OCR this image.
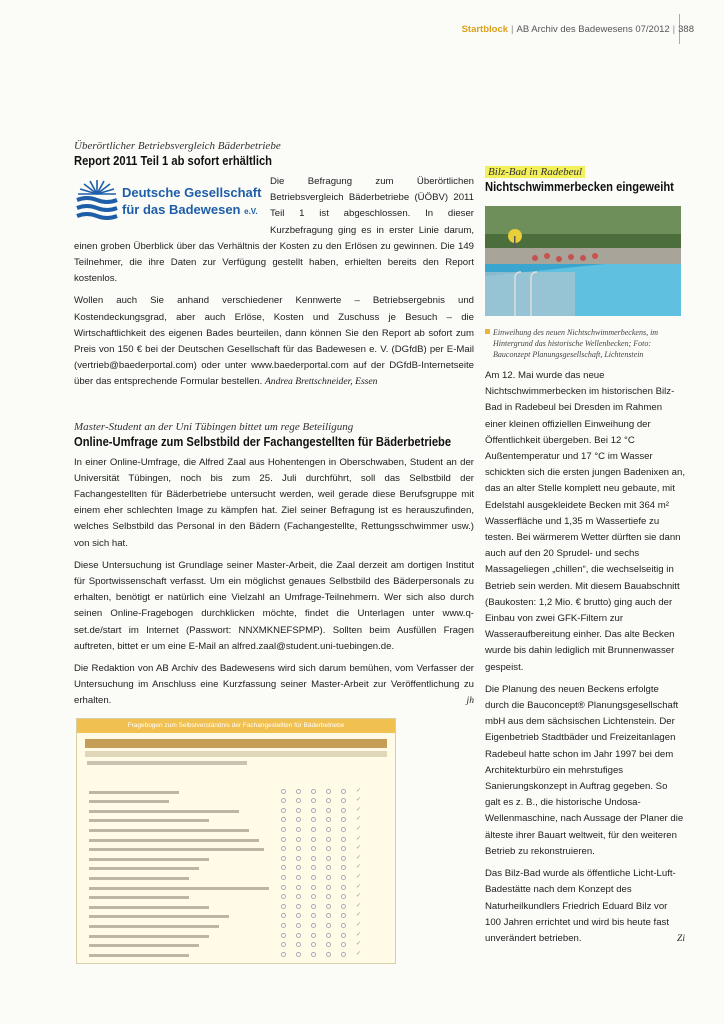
Startblock | AB Archiv des Badewesens 07/2012 | 388

Überörtlicher Betriebsvergleich Bäderbetriebe

Report 2011 Teil 1 ab sofort erhältlich
Deutsche Gesellschaft
für das Badewesen e.V.

Die Befragung zum Überörtlichen Betriebsvergleich Bäderbetriebe (ÜÖBV) 2011 Teil 1 ist abgeschlossen. In dieser Kurzbefragung ging es in erster Linie darum, einen groben Überblick über das Verhältnis der Kosten zu den Erlösen zu gewinnen. Die 149 Teilnehmer, die ihre Daten zur Verfügung gestellt haben, erhielten bereits den Report kostenlos.

Wollen auch Sie anhand verschiedener Kennwerte – Betriebsergebnis und Kostendeckungsgrad, aber auch Erlöse, Kosten und Zuschuss je Besuch – die Wirtschaftlichkeit des eigenen Bades beurteilen, dann können Sie den Report ab sofort zum Preis von 150 € bei der Deutschen Gesellschaft für das Badewesen e. V. (DGfdB) per E-Mail (vertrieb@baederportal.com) oder unter www.baederportal.com auf der DGfdB-Internetseite über das entsprechende Formular bestellen. Andrea Brettschneider, Essen

Master-Student an der Uni Tübingen bittet um rege Beteiligung

Online-Umfrage zum Selbstbild der Fachangestellten für Bäderbetriebe

In einer Online-Umfrage, die Alfred Zaal aus Hohentengen in Oberschwaben, Student an der Universität Tübingen, noch bis zum 25. Juli durchführt, soll das Selbstbild der Fachangestellten für Bäderbetriebe untersucht werden, weil gerade diese Berufsgruppe mit einem eher schlechten Image zu kämpfen hat. Ziel seiner Befragung ist es herauszufinden, welches Selbstbild das Personal in den Bädern (Fachangestellte, Rettungsschwimmer usw.) von sich hat.

Diese Untersuchung ist Grundlage seiner Master-Arbeit, die Zaal derzeit am dortigen Institut für Sportwissenschaft verfasst. Um ein möglichst genaues Selbstbild des Bäderpersonals zu erhalten, benötigt er natürlich eine Vielzahl an Umfrage-Teilnehmern. Wer sich also durch seinen Online-Fragebogen durchklicken möchte, findet die Unterlagen unter www.q-set.de/start im Internet (Passwort: NNXMKNEFSPMP). Sollten beim Ausfüllen Fragen auftreten, bittet er um eine E-Mail an alfred.zaal@student.uni-tuebingen.de.

Die Redaktion von AB Archiv des Badewesens wird sich darum bemühen, vom Verfasser der Untersuchung im Anschluss eine Kurzfassung seiner Master-Arbeit zur Veröffentlichung zu erhalten.	jh

Fragebogen zum Selbstverständnis der Fachangestellten für Bäderbetriebe
✓
✓
✓
✓
✓
✓
✓
✓
✓
✓
✓
✓
✓
✓
✓
✓
✓
✓

Bilz-Bad in Radebeul

Nichtschwimmerbecken eingeweiht
Einweihung des neuen Nichtschwimmerbeckens, im Hintergrund das historische Wellenbecken; Foto: Bauconzept Planungsgesellschaft, Lichtenstein

Am 12. Mai wurde das neue Nichtschwimmerbecken im historischen Bilz-Bad in Radebeul bei Dresden im Rahmen einer kleinen offiziellen Einweihung der Öffentlichkeit übergeben. Bei 12 °C Außentemperatur und 17 °C im Wasser schickten sich die ersten jungen Badenixen an, das an alter Stelle komplett neu gebaute, mit Edelstahl ausgekleidete Becken mit 364 m² Wasserfläche und 1,35 m Wassertiefe zu testen. Bei wärmerem Wetter dürften sie dann auch auf den 20 Sprudel- und sechs Massageliegen „chillen“, die wechselseitig in Betrieb sein werden. Mit diesem Bauabschnitt (Baukosten: 1,2 Mio. € brutto) ging auch der Einbau von zwei GFK-Filtern zur Wasseraufbereitung einher. Das alte Becken wurde bis dahin lediglich mit Brunnenwasser gespeist.

Die Planung des neuen Beckens erfolgte durch die Bauconcept® Planungsgesellschaft mbH aus dem sächsischen Lichtenstein. Der Eigenbetrieb Stadtbäder und Freizeitanlagen Radebeul hatte schon im Jahr 1997 bei dem Architekturbüro ein mehrstufiges Sanierungskonzept in Auftrag gegeben. So galt es z. B., die historische Undosa-Wellenmaschine, nach Aussage der Planer die älteste ihrer Bauart weltweit, für den weiteren Betrieb zu rekonstruieren.

Das Bilz-Bad wurde als öffentliche Licht-Luft-Badestätte nach dem Konzept des Naturheilkundlers Friedrich Eduard Bilz vor 100 Jahren errichtet und wird bis heute fast unverändert betrieben.	Zi
